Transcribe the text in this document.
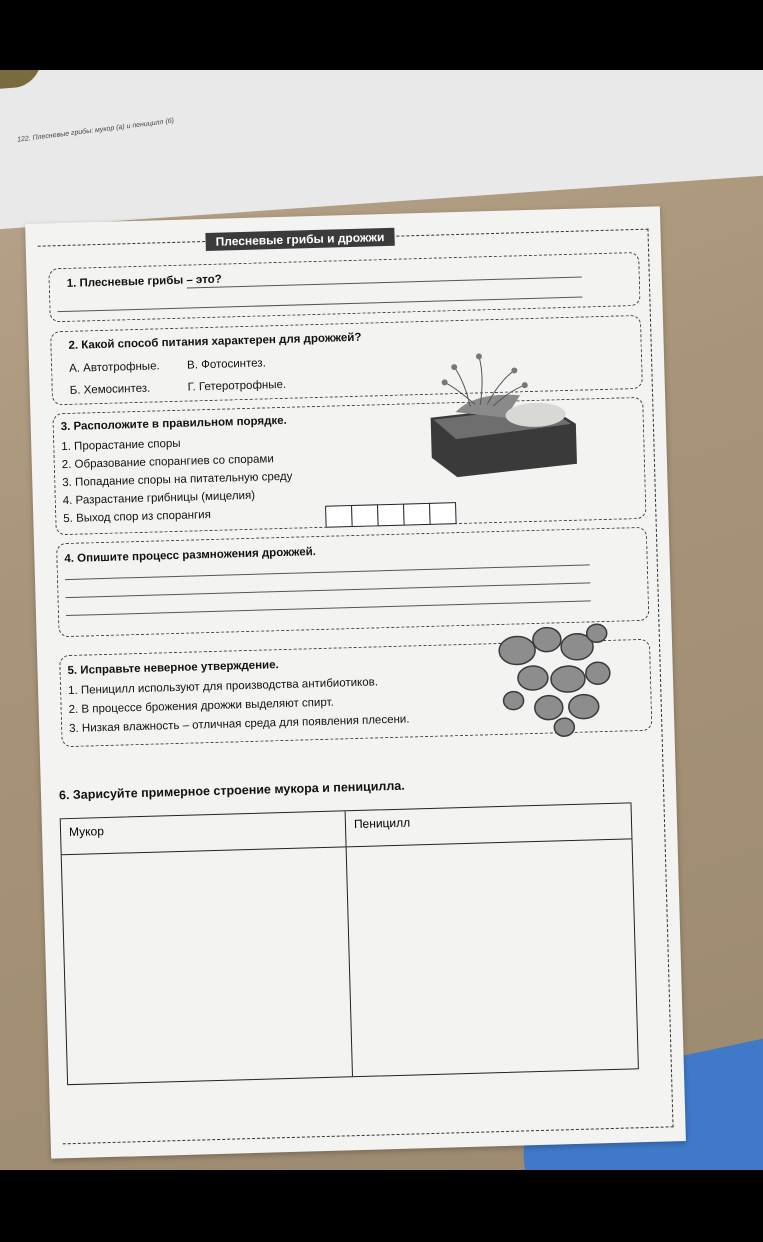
122. Плесневые грибы: мукор (а) и пеницилл (б)
Плесневые грибы и дрожжи
1. Плесневые грибы – это?
2. Какой способ питания характерен для дрожжей?
А. Автотрофные. В. Фотосинтез.
Б. Хемосинтез.	Г. Гетеротрофные.
3. Расположите в правильном порядке.
1. Прорастание споры
2. Образование спорангиев со спорами
3. Попадание споры на питательную среду
4. Разрастание грибницы (мицелия)
5. Выход спор из спорангия
4. Опишите процесс размножения дрожжей.
5. Исправьте неверное утверждение.
1. Пеницилл используют для производства антибиотиков.
2. В процессе брожения дрожжи выделяют спирт.
3. Низкая влажность – отличная среда для появления плесени.
6. Зарисуйте примерное строение мукора и пеницилла.
Мукор
Пеницилл
